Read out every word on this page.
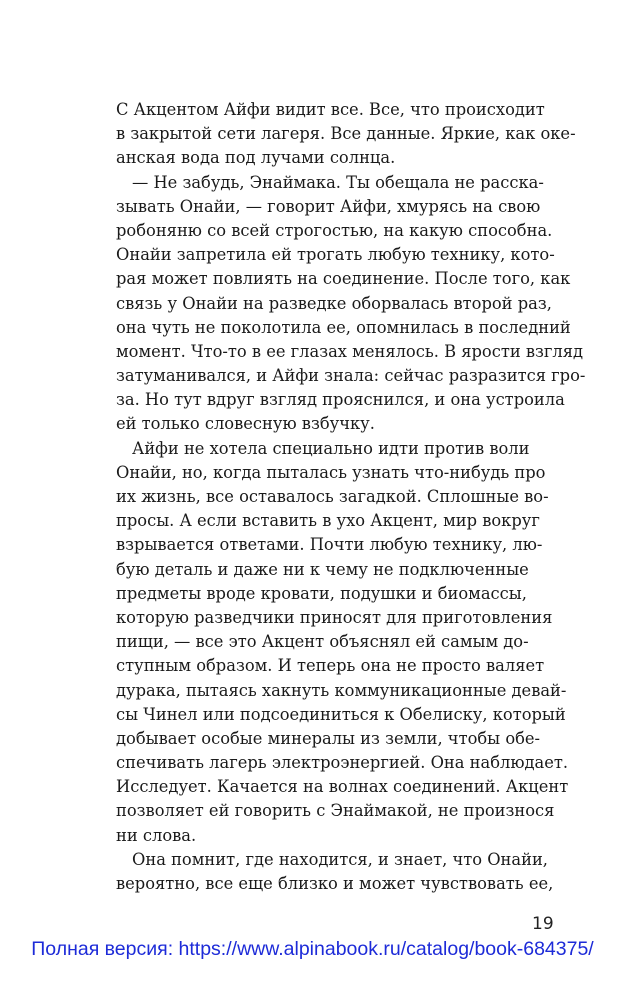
С Акцентом Айфи видит все. Все, что происходит
в закрытой сети лагеря. Все данные. Яркие, как оке-
анская вода под лучами солнца.
— Не забудь, Энаймака. Ты обещала не расска-
зывать Онайи, — говорит Айфи, хмурясь на свою
робоняню со всей строгостью, на какую способна.
Онайи запретила ей трогать любую технику, кото-
рая может повлиять на соединение. После того, как
связь у Онайи на разведке оборвалась второй раз,
она чуть не поколотила ее, опомнилась в последний
момент. Что-то в ее глазах менялось. В ярости взгляд
затуманивался, и Айфи знала: сейчас разразится гро-
за. Но тут вдруг взгляд прояснился, и она устроила
ей только словесную взбучку.
Айфи не хотела специально идти против воли
Онайи, но, когда пыталась узнать что-нибудь про
их жизнь, все оставалось загадкой. Сплошные во-
просы. А если вставить в ухо Акцент, мир вокруг
взрывается ответами. Почти любую технику, лю-
бую деталь и даже ни к чему не подключенные
предметы вроде кровати, подушки и биомассы,
которую разведчики приносят для приготовления
пищи, — все это Акцент объяснял ей самым до-
ступным образом. И теперь она не просто валяет
дурака, пытаясь хакнуть коммуникационные девай-
сы Чинел или подсоединиться к Обелиску, который
добывает особые минералы из земли, чтобы обе-
спечивать лагерь электроэнергией. Она наблюдает.
Исследует. Качается на волнах соединений. Акцент
позволяет ей говорить с Энаймакой, не произнося
ни слова.
Она помнит, где находится, и знает, что Онайи,
вероятно, все еще близко и может чувствовать ее,
19
Полная версия: https://www.alpinabook.ru/catalog/book-684375/
